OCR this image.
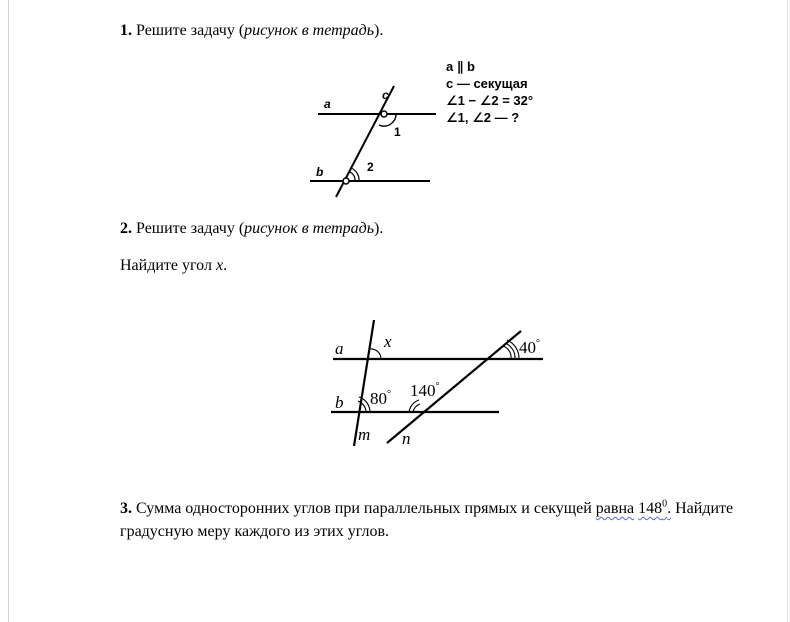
1. Решите задачу (рисунок в тетрадь).
a
b
c
1
2
a ∥ b
c — секущая
∠1 − ∠2 = 32°
∠1, ∠2 — ?
2. Решите задачу (рисунок в тетрадь).
Найдите угол x.
a
b
m n
x	40°
80° 140°
3. Сумма односторонних углов при параллельных прямых и секущей равна $148^0$. Найдите градусную меру каждого из этих углов.
